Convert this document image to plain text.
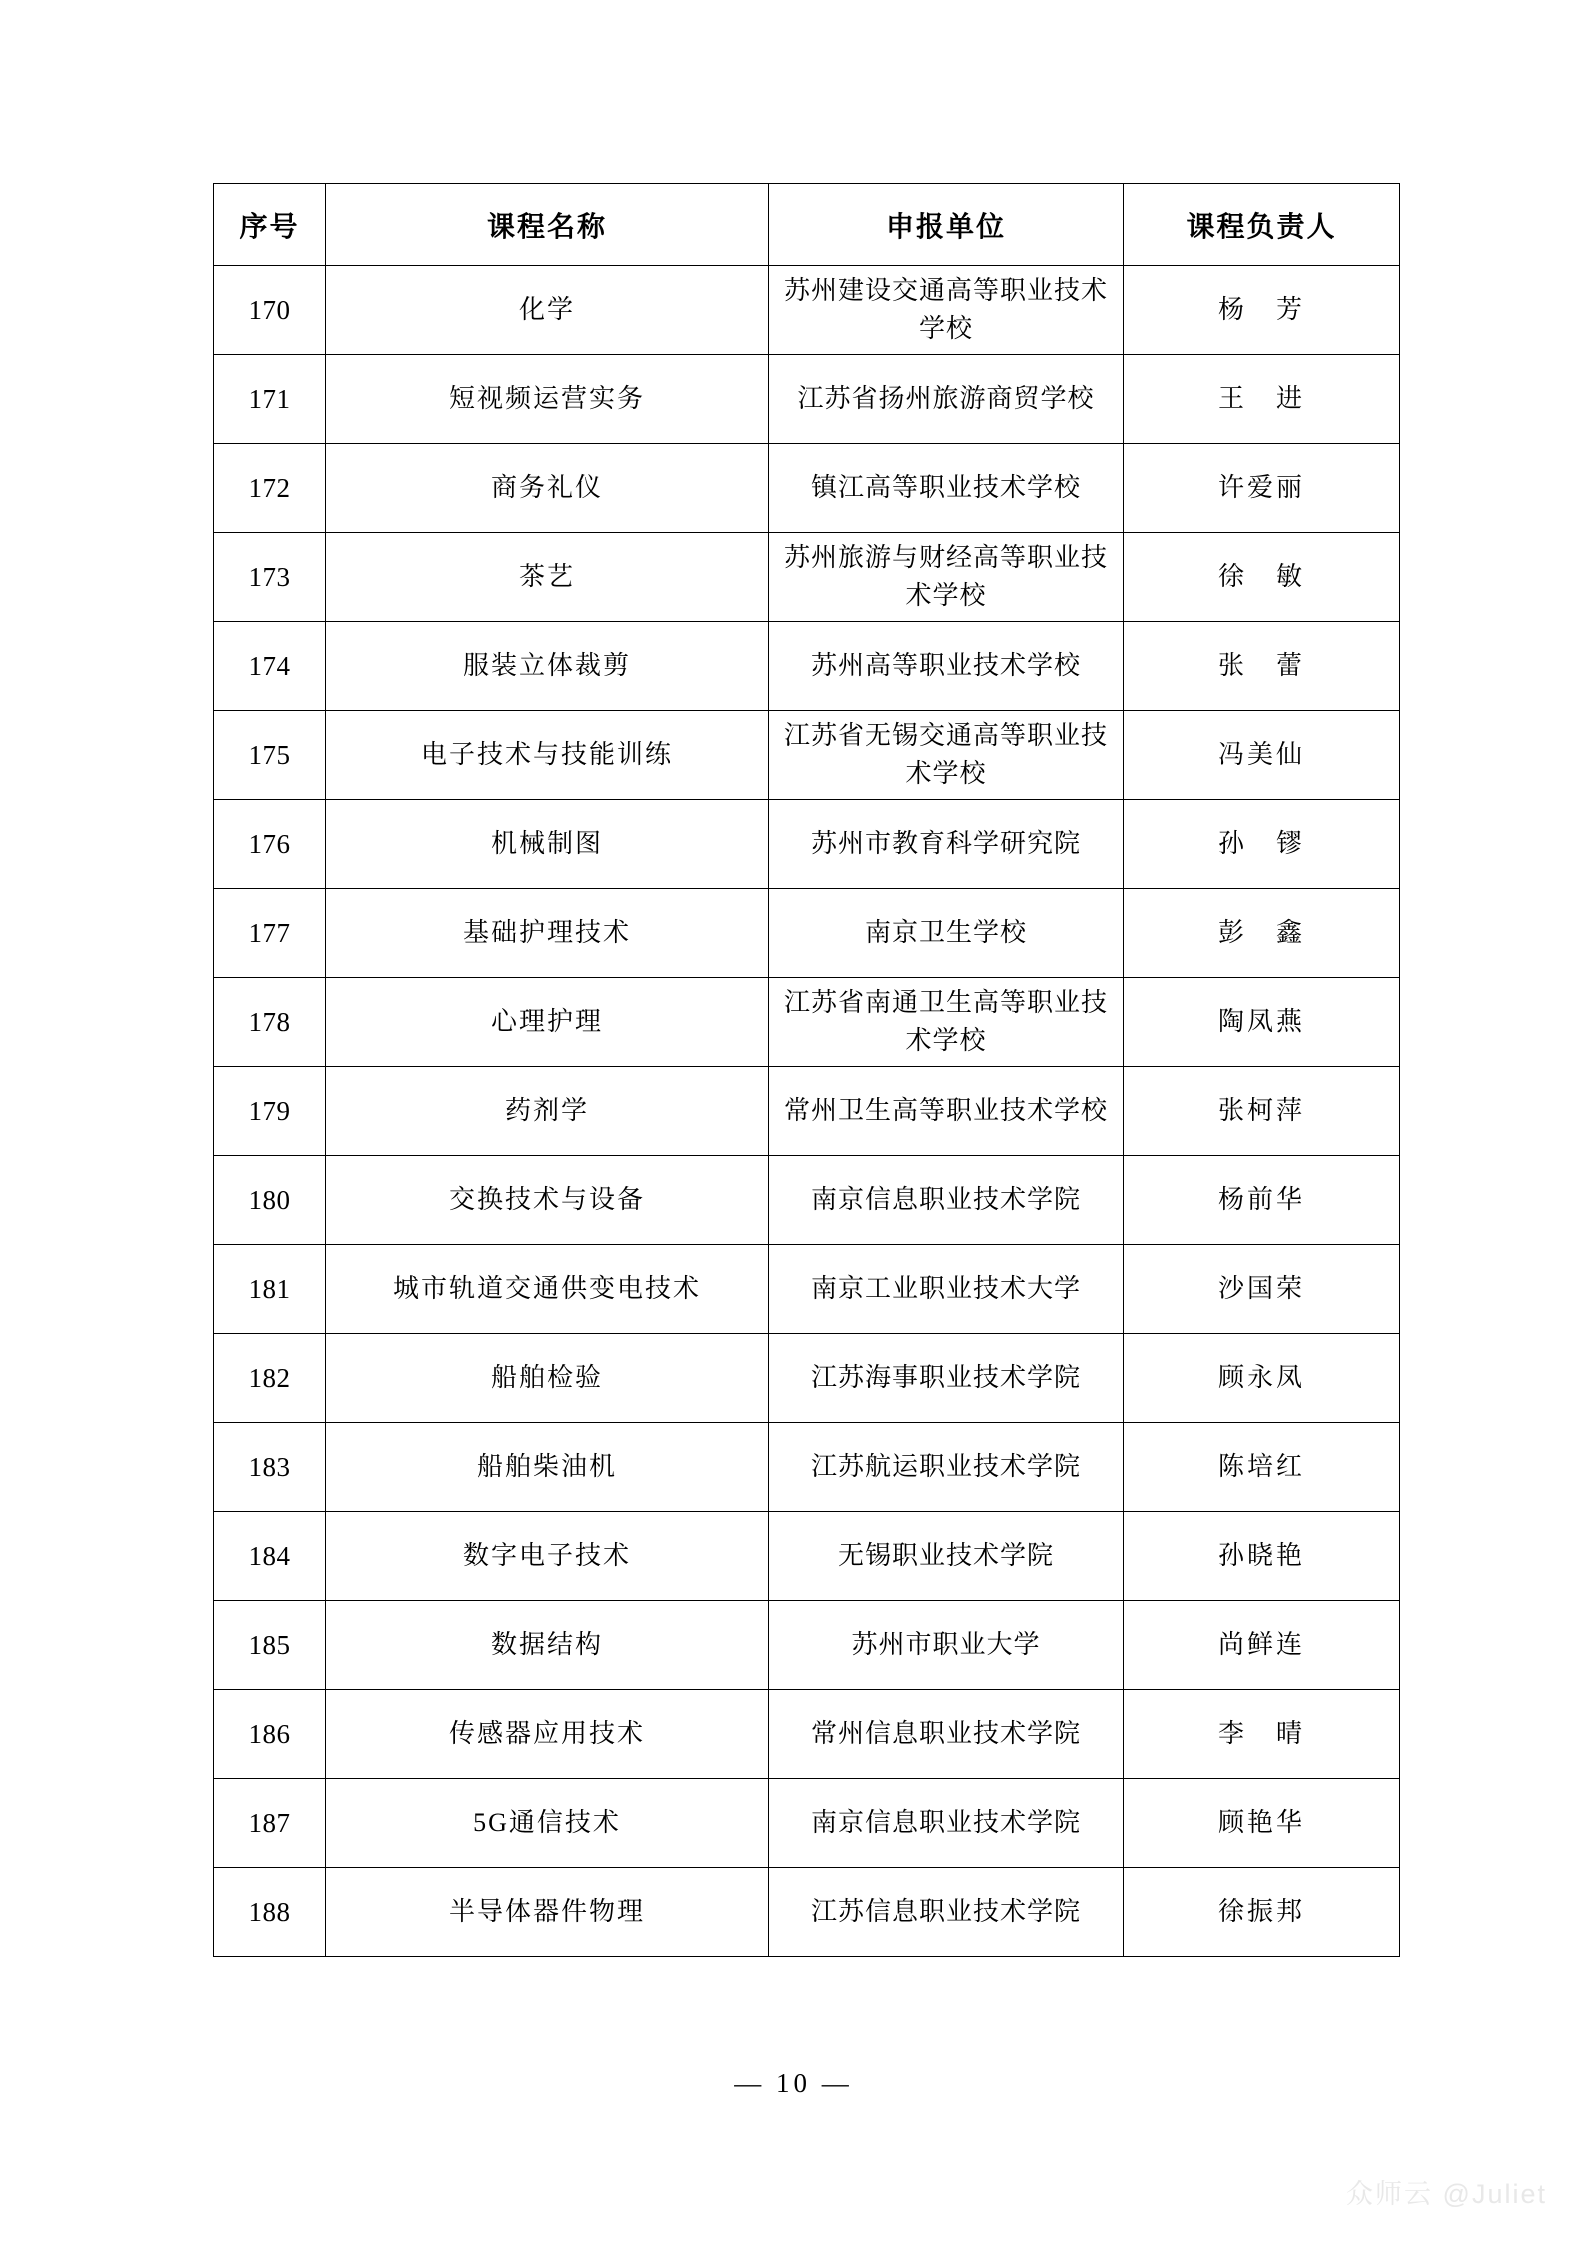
序号	课程名称	申报单位	课程负责人
170	化学	苏州建设交通高等职业技术学校	杨　芳
171	短视频运营实务	江苏省扬州旅游商贸学校	王　进
172	商务礼仪	镇江高等职业技术学校	许爱丽
173	茶艺	苏州旅游与财经高等职业技术学校	徐　敏
174	服装立体裁剪	苏州高等职业技术学校	张　蕾
175	电子技术与技能训练	江苏省无锡交通高等职业技术学校	冯美仙
176	机械制图	苏州市教育科学研究院	孙　镠
177	基础护理技术	南京卫生学校	彭　鑫
178	心理护理	江苏省南通卫生高等职业技术学校	陶凤燕
179	药剂学	常州卫生高等职业技术学校	张柯萍
180	交换技术与设备	南京信息职业技术学院	杨前华
181	城市轨道交通供变电技术	南京工业职业技术大学	沙国荣
182	船舶检验	江苏海事职业技术学院	顾永凤
183	船舶柴油机	江苏航运职业技术学院	陈培红
184	数字电子技术	无锡职业技术学院	孙晓艳
185	数据结构	苏州市职业大学	尚鲜连
186	传感器应用技术	常州信息职业技术学院	李　晴
187	5G通信技术	南京信息职业技术学院	顾艳华
188	半导体器件物理	江苏信息职业技术学院	徐振邦
— 10 —
众师云 @Juliet
